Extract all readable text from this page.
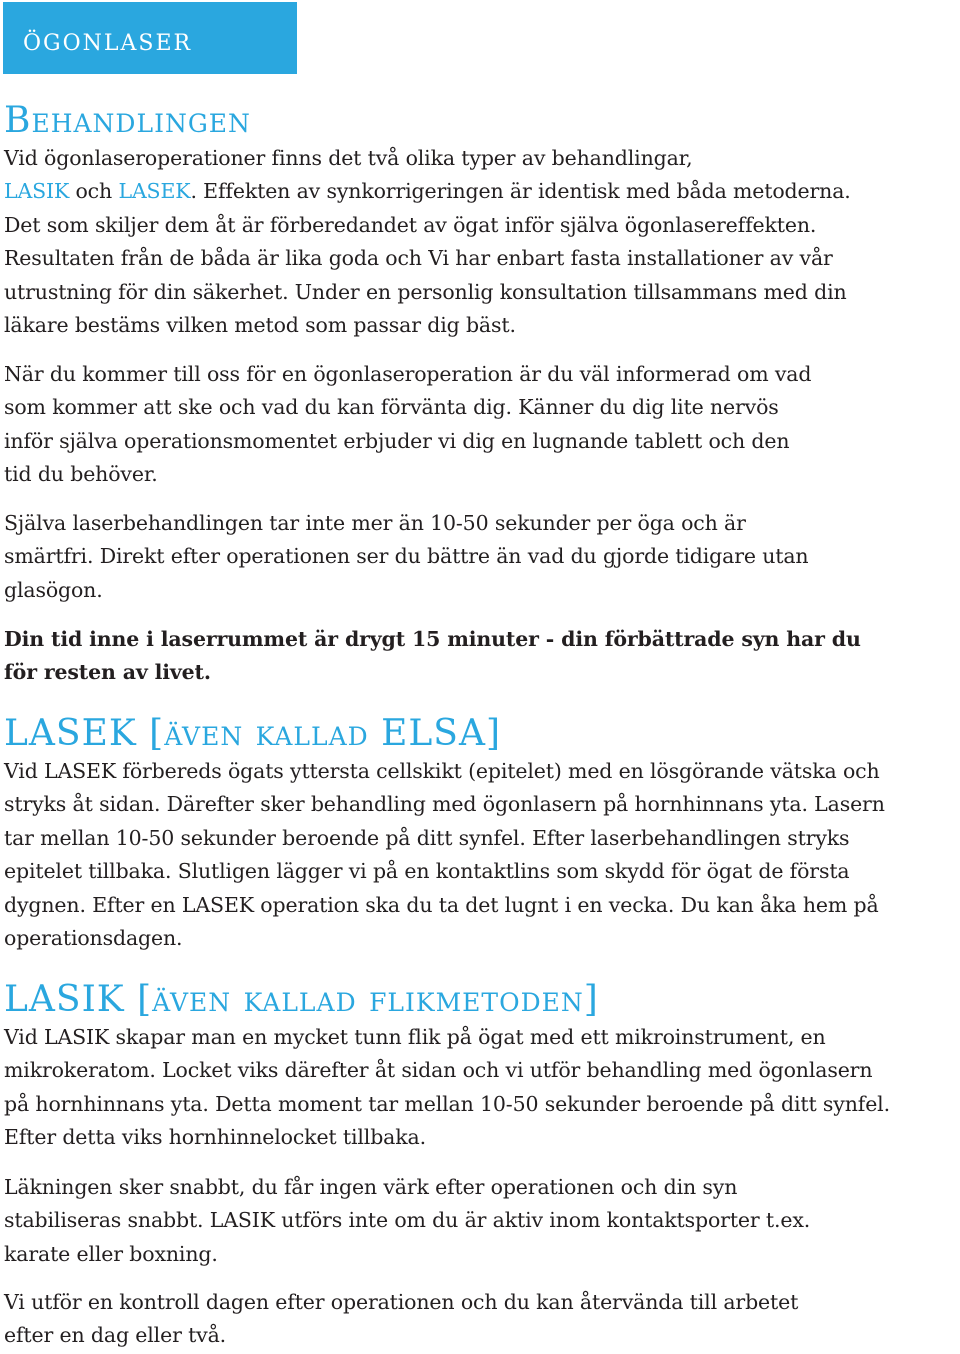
ögonlaser
Behandlingen

Vid ögonlaseroperationer finns det två olika typer av behandlingar,
LASIK och LASEK. Effekten av synkorrigeringen är identisk med båda metoderna.
Det som skiljer dem åt är förberedandet av ögat inför själva ögonlasereffekten.
Resultaten från de båda är lika goda och Vi har enbart fasta installationer av vår
utrustning för din säkerhet. Under en personlig konsultation tillsammans med din
läkare bestäms vilken metod som passar dig bäst.

När du kommer till oss för en ögonlaseroperation är du väl informerad om vad
som kommer att ske och vad du kan förvänta dig. Känner du dig lite nervös
inför själva operationsmomentet erbjuder vi dig en lugnande tablett och den
tid du behöver.

Själva laserbehandlingen tar inte mer än 10-50 sekunder per öga och är
smärtfri. Direkt efter operationen ser du bättre än vad du gjorde tidigare utan
glasögon.

Din tid inne i laserrummet är drygt 15 minuter - din förbättrade syn har du
för resten av livet.

LASEK [även kallad ELSA]

Vid LASEK förbereds ögats yttersta cellskikt (epitelet) med en lösgörande vätska och
stryks åt sidan. Därefter sker behandling med ögonlasern på hornhinnans yta. Lasern
tar mellan 10-50 sekunder beroende på ditt synfel. Efter laserbehandlingen stryks
epitelet tillbaka. Slutligen lägger vi på en kontaktlins som skydd för ögat de första
dygnen. Efter en LASEK operation ska du ta det lugnt i en vecka. Du kan åka hem på
operationsdagen.

LASIK [även kallad flikmetoden]

Vid LASIK skapar man en mycket tunn flik på ögat med ett mikroinstrument, en
mikrokeratom. Locket viks därefter åt sidan och vi utför behandling med ögonlasern
på hornhinnans yta. Detta moment tar mellan 10-50 sekunder beroende på ditt synfel.
Efter detta viks hornhinnelocket tillbaka.

Läkningen sker snabbt, du får ingen värk efter operationen och din syn
stabiliseras snabbt. LASIK utförs inte om du är aktiv inom kontaktsporter t.ex.
karate eller boxning.

Vi utför en kontroll dagen efter operationen och du kan återvända till arbetet
efter en dag eller två.
